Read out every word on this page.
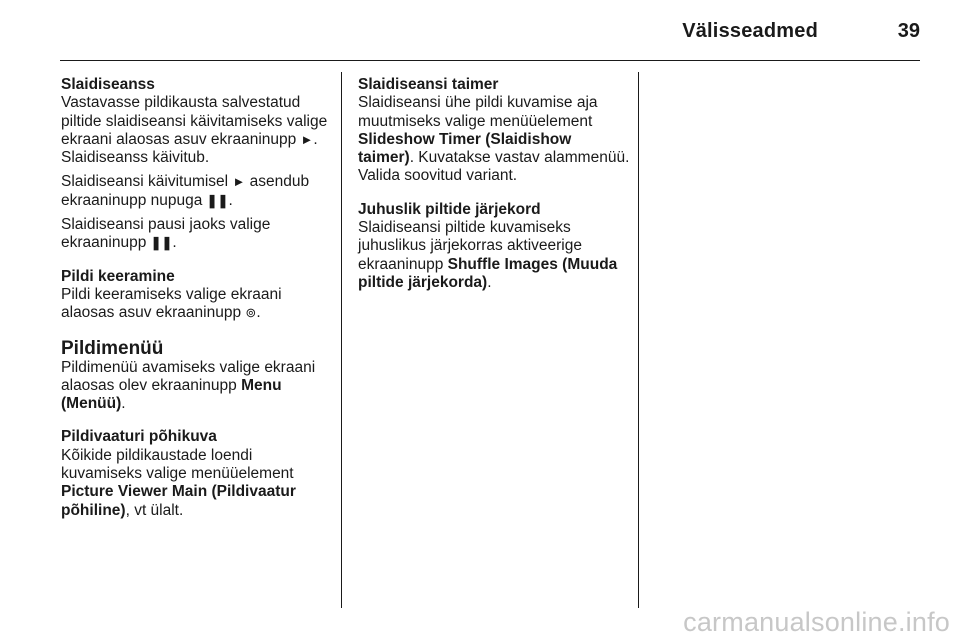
Välisseadmed	39
Slaidiseanss

Vastavasse pildikausta salvestatud piltide slaidiseansi käivitamiseks valige ekraani alaosas asuv ekraaninupp ►. Slaidiseanss käivitub.

Slaidiseansi käivitumisel ► asendub ekraaninupp nupuga ❚❚.

Slaidiseansi pausi jaoks valige ekraaninupp ❚❚.

Pildi keeramine

Pildi keeramiseks valige ekraani alaosas asuv ekraaninupp ⊚.

Pildimenüü

Pildimenüü avamiseks valige ekraani alaosas olev ekraaninupp Menu (Menüü).

Pildivaaturi põhikuva

Kõikide pildikaustade loendi kuvamiseks valige menüüelement Picture Viewer Main (Pildivaatur põhiline), vt ülalt.

Slaidiseansi taimer

Slaidiseansi ühe pildi kuvamise aja muutmiseks valige menüüelement Slideshow Timer (Slaidishow taimer). Kuvatakse vastav alammenüü. Valida soovitud variant.

Juhuslik piltide järjekord

Slaidiseansi piltide kuvamiseks juhuslikus järjekorras aktiveerige ekraaninupp Shuffle Images (Muuda piltide järjekorda).

carmanualsonline.info
